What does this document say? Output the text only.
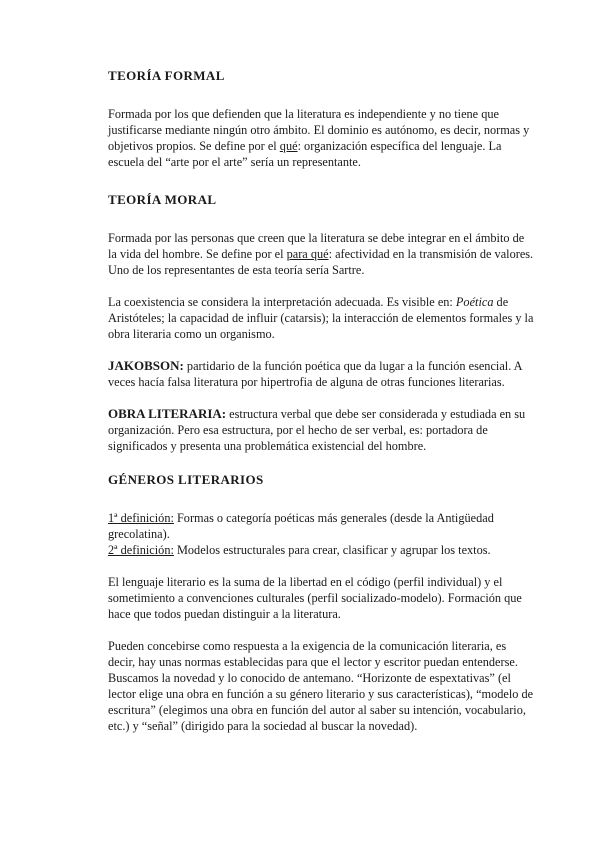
TEORÍA FORMAL

Formada por los que defienden que la literatura es independiente y no tiene que justificarse mediante ningún otro ámbito. El dominio es autónomo, es decir, normas y objetivos propios. Se define por el qué: organización específica del lenguaje. La escuela del “arte por el arte” sería un representante.

TEORÍA MORAL

Formada por las personas que creen que la literatura se debe integrar en el ámbito de la vida del hombre. Se define por el para qué: afectividad en la transmisión de valores. Uno de los representantes de esta teoría sería Sartre.

La coexistencia se considera la interpretación adecuada. Es visible en: Poética de Aristóteles; la capacidad de influir (catarsis); la interacción de elementos formales y la obra literaria como un organismo.

JAKOBSON: partidario de la función poética que da lugar a la función esencial. A veces hacía falsa literatura por hipertrofia de alguna de otras funciones literarias.

OBRA LITERARIA: estructura verbal que debe ser considerada y estudiada en su organización. Pero esa estructura, por el hecho de ser verbal, es: portadora de significados y presenta una problemática existencial del hombre.

GÉNEROS LITERARIOS

1ª definición: Formas o categoría poéticas más generales (desde la Antigüedad grecolatina).

2ª definición: Modelos estructurales para crear, clasificar y agrupar los textos.

El lenguaje literario es la suma de la libertad en el código (perfil individual) y el sometimiento a convenciones culturales (perfil socializado-modelo). Formación que hace que todos puedan distinguir a la literatura.

Pueden concebirse como respuesta a la exigencia de la comunicación literaria, es decir, hay unas normas establecidas para que el lector y escritor puedan entenderse. Buscamos la novedad y lo conocido de antemano. “Horizonte de espextativas” (el lector elige una obra en función a su género literario y sus características), “modelo de escritura” (elegimos una obra en función del autor al saber su intención, vocabulario, etc.) y “señal” (dirigido para la sociedad al buscar la novedad).
